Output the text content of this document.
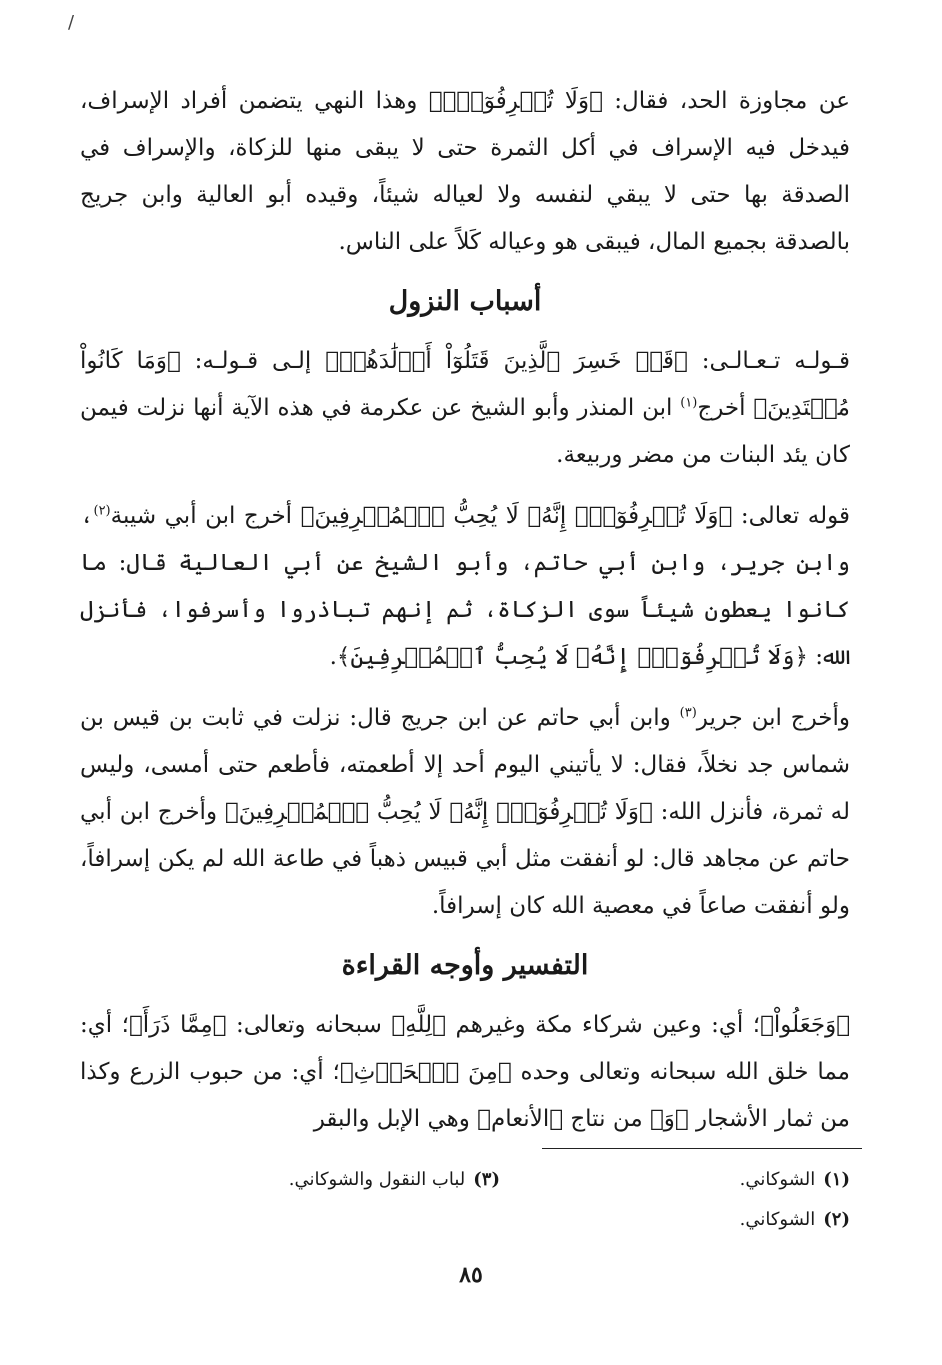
/

عن مجاوزة الحد، فقال: ﴿وَلَا تُسۡرِفُوٓاْۚ﴾ وهذا النهي يتضمن أفراد الإسراف، فيدخل فيه الإسراف في أكل الثمرة حتى لا يبقى منها للزكاة، والإسراف في الصدقة بها حتى لا يبقي لنفسه ولا لعياله شيئاً، وقيده أبو العالية وابن جريج بالصدقة بجميع المال، فيبقى هو وعياله كَلاً على الناس.

أسباب النزول

قـولـه تـعـالـى: ﴿قَدۡ خَسِرَ ٱلَّذِينَ قَتَلُوٓاْ أَوۡلَٰدَهُمۡ﴾ إلـى قـولـه: ﴿وَمَا كَانُواْ مُهۡتَدِينَ﴾ أخرج$^{(١)}$ ابن المنذر وأبو الشيخ عن عكرمة في هذه الآية أنها نزلت فيمن كان يئد البنات من مضر وربيعة.

قوله تعالى: ﴿وَلَا تُسۡرِفُوٓاْۚ إِنَّهُۥ لَا يُحِبُّ ٱلۡمُسۡرِفِينَ﴾ أخرج ابن أبي شيبة$^{(٢)}$، وابن جرير، وابن أبي حاتم، وأبو الشيخ عن أبي العالية قال: ما كانوا يعطون شيئاً سوى الزكاة، ثم إنهم تباذروا وأسرفوا، فأنزل الله: ﴿وَلَا تُسۡرِفُوٓاْۚ إِنَّهُۥ لَا يُحِبُّ ٱلۡمُسۡرِفِينَ﴾.

وأخرج ابن جرير$^{(٣)}$ وابن أبي حاتم عن ابن جريج قال: نزلت في ثابت بن قيس بن شماس جد نخلاً، فقال: لا يأتيني اليوم أحد إلا أطعمته، فأطعم حتى أمسى، وليس له ثمرة، فأنزل الله: ﴿وَلَا تُسۡرِفُوٓاْۚ إِنَّهُۥ لَا يُحِبُّ ٱلۡمُسۡرِفِينَ﴾ وأخرج ابن أبي حاتم عن مجاهد قال: لو أنفقت مثل أبي قبيس ذهباً في طاعة الله لم يكن إسرافاً، ولو أنفقت صاعاً في معصية الله كان إسرافاً.

التفسير وأوجه القراءة

﴿وَجَعَلُواْ﴾؛ أي: وعين شركاء مكة وغيرهم ﴿لِلَّهِ﴾ سبحانه وتعالى: ﴿مِمَّا ذَرَأَ﴾؛ أي: مما خلق الله سبحانه وتعالى وحده ﴿مِنَ ٱلۡحَرۡثِ﴾؛ أي: من حبوب الزرع وكذا من ثمار الأشجار ﴿وَ﴾ من نتاج ﴿الأنعام﴾ وهي الإبل والبقر

(١)الشوكاني.
(٣)لباب النقول والشوكاني.
(٢)الشوكاني.
٨٥
